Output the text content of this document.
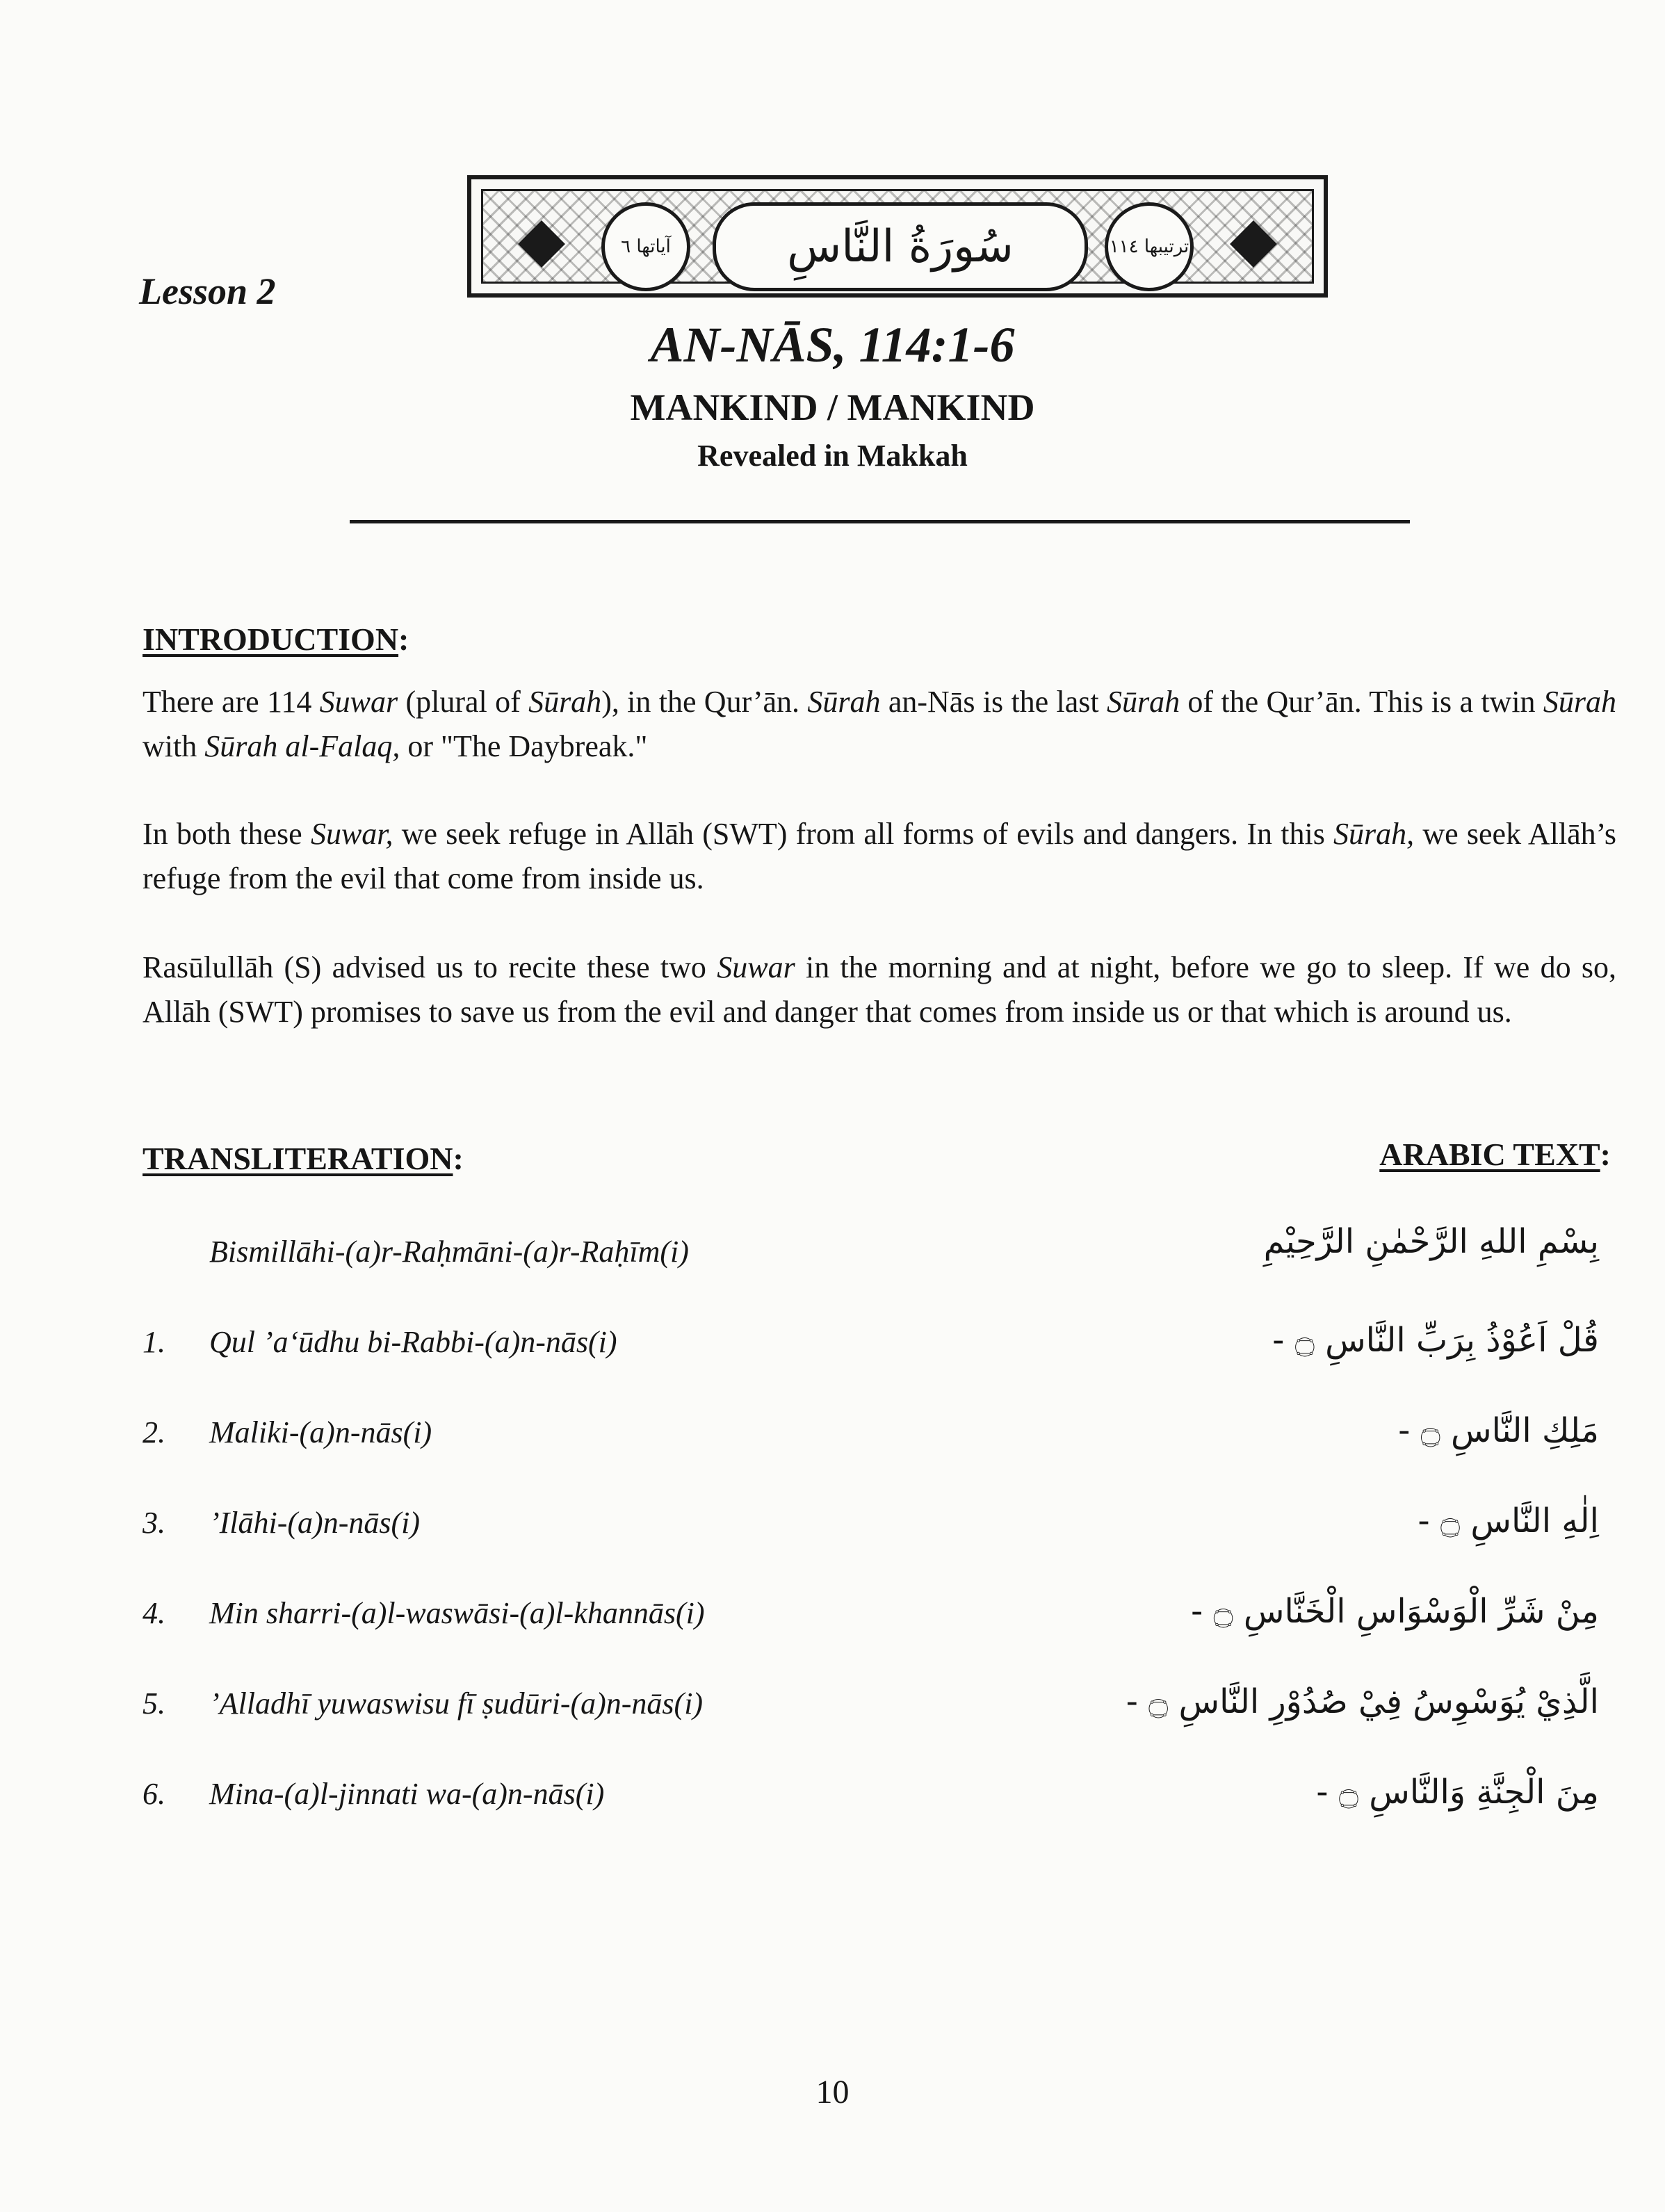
آياتها ٦	سُورَةُ النَّاسِ	ترتيبها ١١٤
Lesson 2
AN-NĀS, 114:1-6
MANKIND / MANKIND
Revealed in Makkah
INTRODUCTION:
There are 114 Suwar (plural of Sūrah), in the Qur’ān. Sūrah an-Nās is the last Sūrah of the Qur’ān. This is a twin Sūrah with Sūrah al-Falaq, or "The Daybreak."
In both these Suwar, we seek refuge in Allāh (SWT) from all forms of evils and dangers. In this Sūrah, we seek Allāh’s refuge from the evil that come from inside us.
Rasūlullāh (S) advised us to recite these two Suwar in the morning and at night, before we go to sleep. If we do so, Allāh (SWT) promises to save us from the evil and danger that comes from inside us or that which is around us.
TRANSLITERATION:	ARABIC TEXT:
Bismillāhi-(a)r-Raḥmāni-(a)r-Raḥīm(i)	بِسْمِ اللهِ الرَّحْمٰنِ الرَّحِيْمِ
1. Qul ’a‘ūdhu bi-Rabbi-(a)n-nās(i)	قُلْ اَعُوْذُ بِرَبِّ النَّاسِ ۝ -
2. Maliki-(a)n-nās(i)	مَلِكِ النَّاسِ ۝ -
3. ’Ilāhi-(a)n-nās(i)	اِلٰهِ النَّاسِ ۝ -
4. Min sharri-(a)l-waswāsi-(a)l-khannās(i)	مِنْ شَرِّ الْوَسْوَاسِ الْخَنَّاسِ ۝ -
5. ’Alladhī yuwaswisu fī ṣudūri-(a)n-nās(i)	الَّذِيْ يُوَسْوِسُ فِيْ صُدُوْرِ النَّاسِ ۝ -
6. Mina-(a)l-jinnati wa-(a)n-nās(i)	مِنَ الْجِنَّةِ وَالنَّاسِ ۝ -
10
